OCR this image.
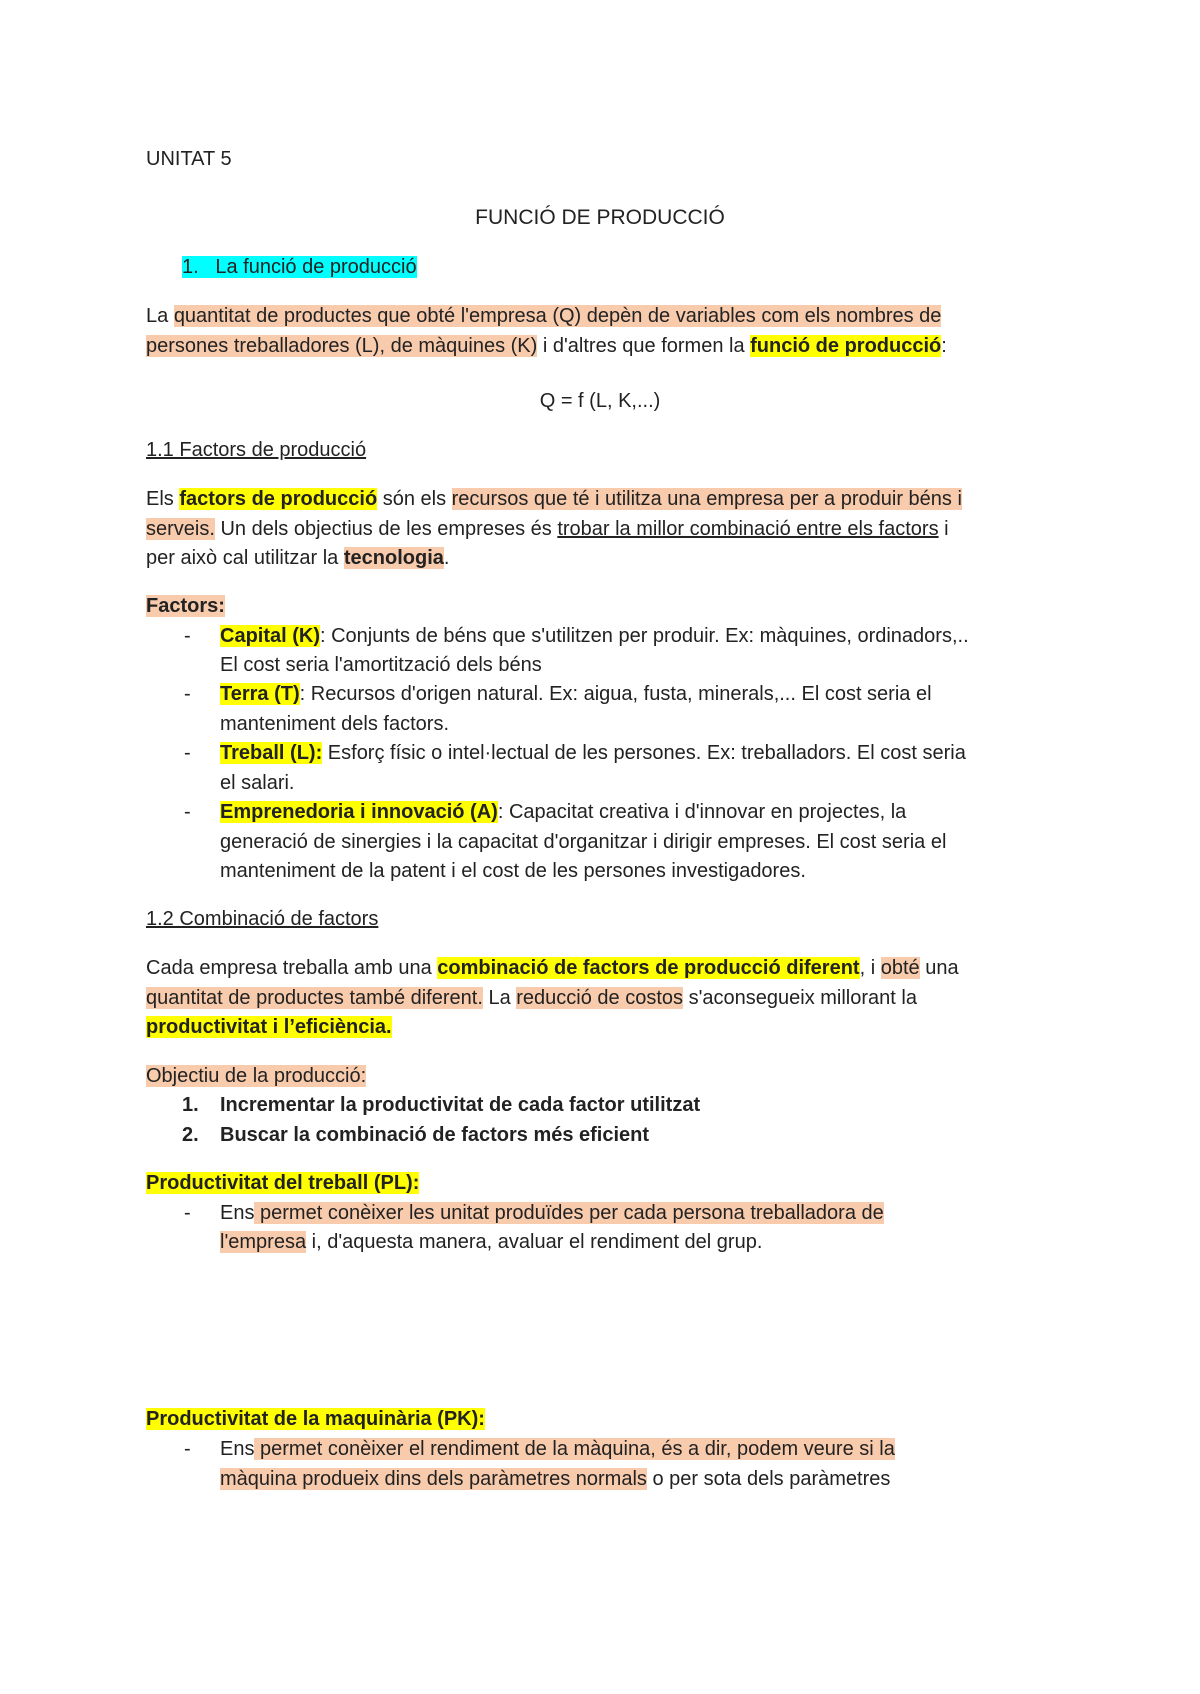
UNITAT 5
FUNCIÓ DE PRODUCCIÓ
1. La funció de producció
La quantitat de productes que obté l'empresa (Q) depèn de variables com els nombres de
persones treballadores (L), de màquines (K) i d'altres que formen la funció de producció:
Q = f (L, K,...)
1.1 Factors de producció
Els factors de producció són els recursos que té i utilitza una empresa per a produir béns i
serveis. Un dels objectius de les empreses és trobar la millor combinació entre els factors i
per això cal utilitzar la tecnologia.
Factors:
- Capital (K): Conjunts de béns que s'utilitzen per produir. Ex: màquines, ordinadors,..
El cost seria l'amortització dels béns
- Terra (T): Recursos d'origen natural. Ex: aigua, fusta, minerals,... El cost seria el
manteniment dels factors.
- Treball (L): Esforç físic o intel·lectual de les persones. Ex: treballadors. El cost seria
el salari.
- Emprenedoria i innovació (A): Capacitat creativa i d'innovar en projectes, la
generació de sinergies i la capacitat d'organitzar i dirigir empreses. El cost seria el
manteniment de la patent i el cost de les persones investigadores.
1.2 Combinació de factors
Cada empresa treballa amb una combinació de factors de producció diferent, i obté una
quantitat de productes també diferent. La reducció de costos s'aconsegueix millorant la
productivitat i l’eficiència.
Objectiu de la producció:
1. Incrementar la productivitat de cada factor utilitzat
2. Buscar la combinació de factors més eficient
Productivitat del treball (PL):
- Ens permet conèixer les unitat produïdes per cada persona treballadora de
l'empresa i, d'aquesta manera, avaluar el rendiment del grup.
Productivitat de la maquinària (PK):
- Ens permet conèixer el rendiment de la màquina, és a dir, podem veure si la
màquina produeix dins dels paràmetres normals o per sota dels paràmetres
